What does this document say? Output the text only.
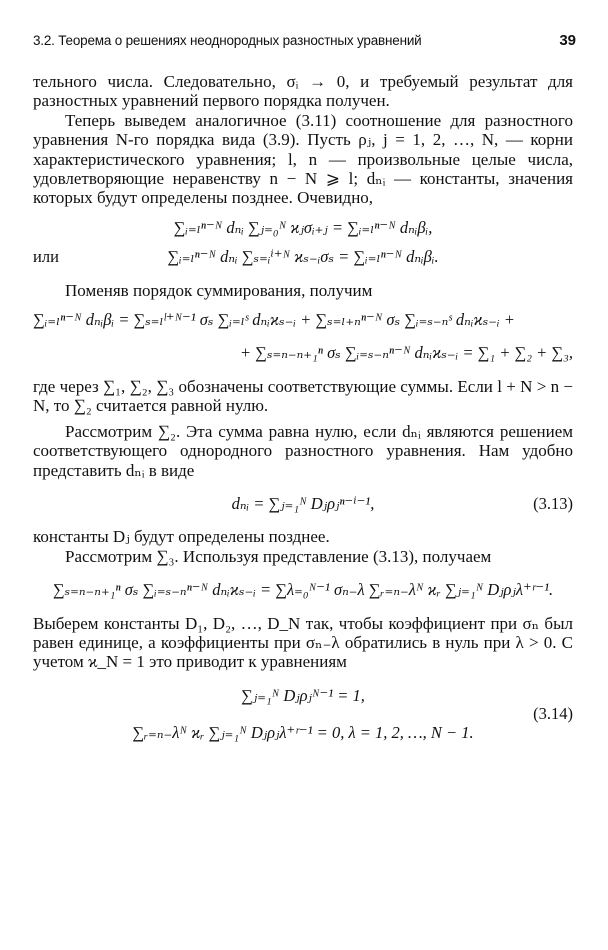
3.2. Теорема о решениях неоднородных разностных уравнений	39

тельного числа. Следовательно, σᵢ → 0, и требуемый результат для разностных уравнений первого порядка получен.

Теперь выведем аналогичное (3.11) соотношение для разностного уравнения N-го порядка вида (3.9). Пусть ρⱼ, j = 1, 2, …, N, — корни характеристического уравнения; l, n — произвольные целые числа, удовлетворяющие неравенству n − N ⩾ l; dₙᵢ — константы, значения которых будут определены позднее. Очевидно,

∑ᵢ₌ₗⁿ⁻ᴺ dₙᵢ ∑ⱼ₌₀ᴺ ϰⱼσᵢ₊ⱼ = ∑ᵢ₌ₗⁿ⁻ᴺ dₙᵢβᵢ,

или	∑ᵢ₌ₗⁿ⁻ᴺ dₙᵢ ∑ₛ₌ᵢⁱ⁺ᴺ ϰₛ₋ᵢσₛ = ∑ᵢ₌ₗⁿ⁻ᴺ dₙᵢβᵢ.

Поменяв порядок суммирования, получим

∑ᵢ₌ₗⁿ⁻ᴺ dₙᵢβᵢ = ∑ₛ₌ₗˡ⁺ᴺ⁻¹ σₛ ∑ᵢ₌ₗˢ dₙᵢϰₛ₋ᵢ + ∑ₛ₌ₗ₊ₙⁿ⁻ᴺ σₛ ∑ᵢ₌ₛ₋ₙˢ dₙᵢϰₛ₋ᵢ +

+ ∑ₛ₌ₙ₋ₙ₊₁ⁿ σₛ ∑ᵢ₌ₛ₋ₙⁿ⁻ᴺ dₙᵢϰₛ₋ᵢ = ∑₁ + ∑₂ + ∑₃,

где через ∑₁, ∑₂, ∑₃ обозначены соответствующие суммы. Если l + N > n − N, то ∑₂ считается равной нулю.

Рассмотрим ∑₂. Эта сумма равна нулю, если dₙᵢ являются решением соответствующего однородного разностного уравнения. Нам удобно представить dₙᵢ в виде

dₙᵢ = ∑ⱼ₌₁ᴺ Dⱼρⱼⁿ⁻ⁱ⁻¹,	(3.13)

константы Dⱼ будут определены позднее.

Рассмотрим ∑₃. Используя представление (3.13), получаем

∑ₛ₌ₙ₋ₙ₊₁ⁿ σₛ ∑ᵢ₌ₛ₋ₙⁿ⁻ᴺ dₙᵢϰₛ₋ᵢ = ∑λ₌₀ᴺ⁻¹ σₙ₋λ ∑ᵣ₌ₙ₋λᴺ ϰᵣ ∑ⱼ₌₁ᴺ Dⱼρⱼλ⁺ʳ⁻¹.

Выберем константы D₁, D₂, …, D_N так, чтобы коэффициент при σₙ был равен единице, а коэффициенты при σₙ₋λ обратились в нуль при λ > 0. С учетом ϰ_N = 1 это приводит к уравнениям

∑ⱼ₌₁ᴺ Dⱼρⱼᴺ⁻¹ = 1,
∑ᵣ₌ₙ₋λᴺ ϰᵣ ∑ⱼ₌₁ᴺ Dⱼρⱼλ⁺ʳ⁻¹ = 0, λ = 1, 2, …, N − 1.
(3.14)
